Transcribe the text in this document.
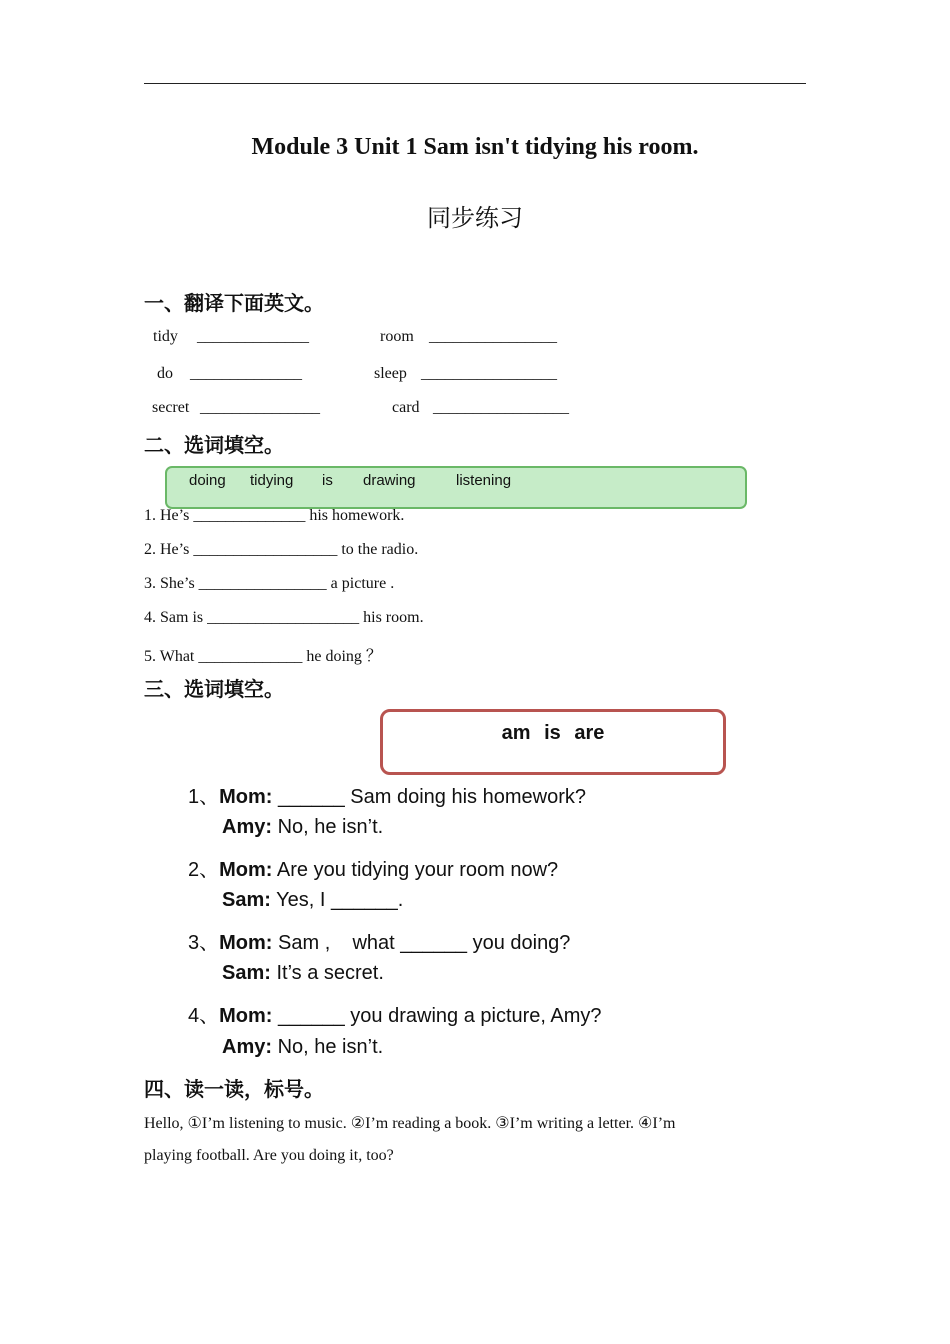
Module 3 Unit 1 Sam isn't tidying his room.
同步练习
一、翻译下面英文。
tidy ______________	room ________________
do ______________	sleep _________________
secret _______________	card _________________
二、选词填空。
doing tidying is drawing	listening
1. He’s ______________ his homework.
2. He’s __________________ to the radio.
3. She’s ________________ a picture .
4. Sam is ___________________ his room.
5. What _____________ he doing ？
三、选词填空。
am is are
1、Mom: ______ Sam doing his homework?
Amy: No, he isn’t.
2、Mom: Are you tidying your room now?
Sam: Yes, I ______.
3、Mom: Sam ,    what ______ you doing?
Sam: It’s a secret.
4、Mom: ______ you drawing a picture, Amy?
Amy: No, he isn’t.
四、读一读，标号。
Hello, ①I’m listening to music. ②I’m reading a book. ③I’m writing a letter. ④I’m
playing football. Are you doing it, too?
